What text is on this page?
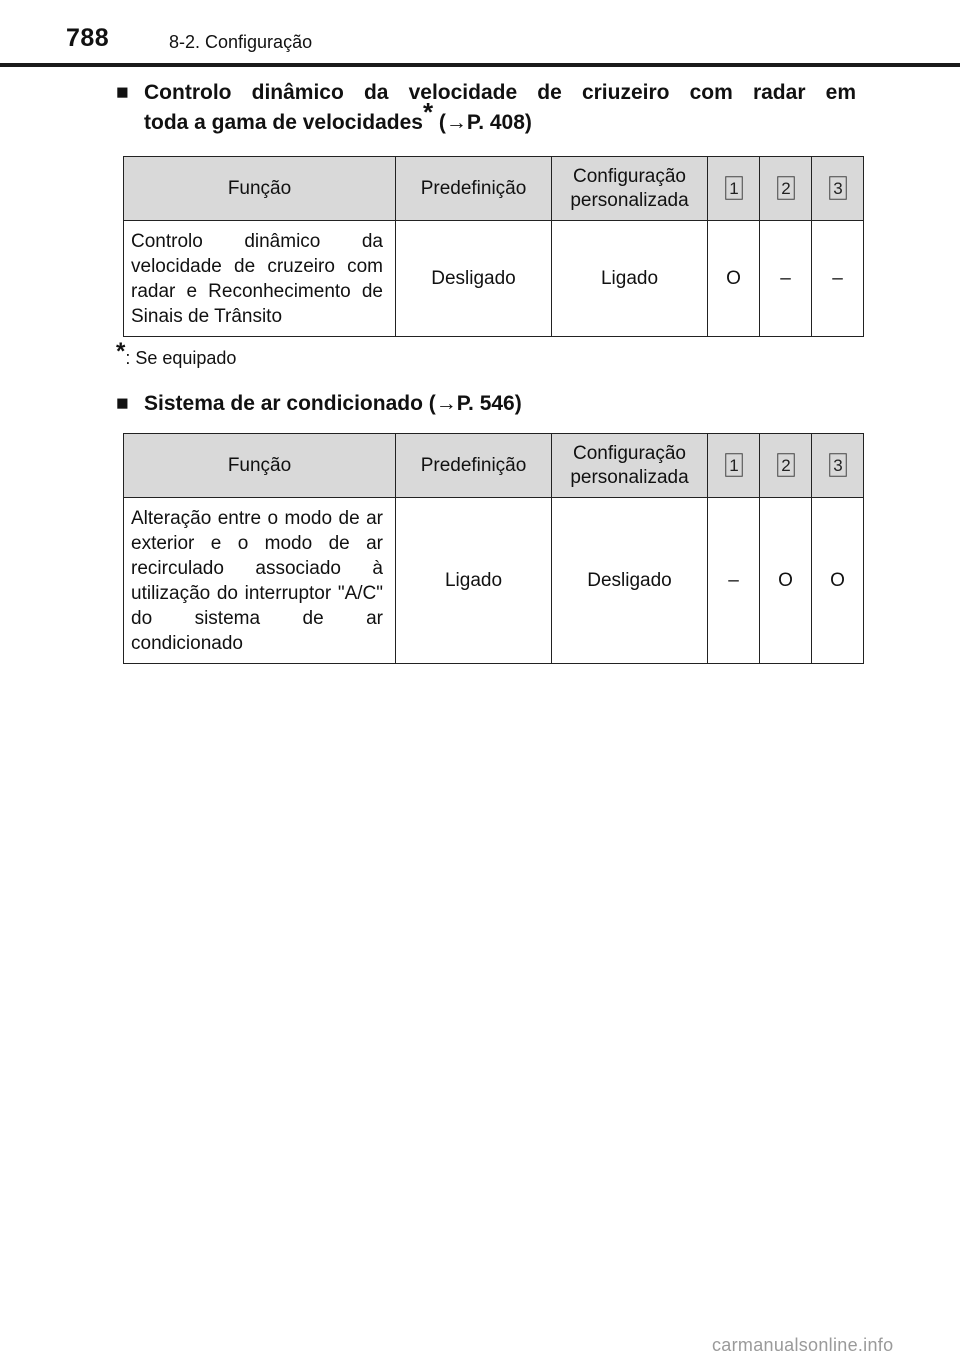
788	8-2. Configuração
■ Controlo dinâmico da velocidade de criuzeiro com radar em
toda a gama de velocidades* (→P. 408)
Função	Predefinição	Configuração personalizada	1	2	3

Controlo dinâmico da velocidade de cruzeiro com radar e Reconhecimento de Sinais de Trânsito	Desligado	Ligado	O	–	–
*: Se equipado
■ Sistema de ar condicionado (→P. 546)
Função	Predefinição	Configuração personalizada	1	2	3

Alteração entre o modo de ar exterior e o modo de ar recirculado associado à utilização do interruptor "A/C" do sistema de ar condicionado	Ligado	Desligado	–	O	O
carmanualsonline.info
